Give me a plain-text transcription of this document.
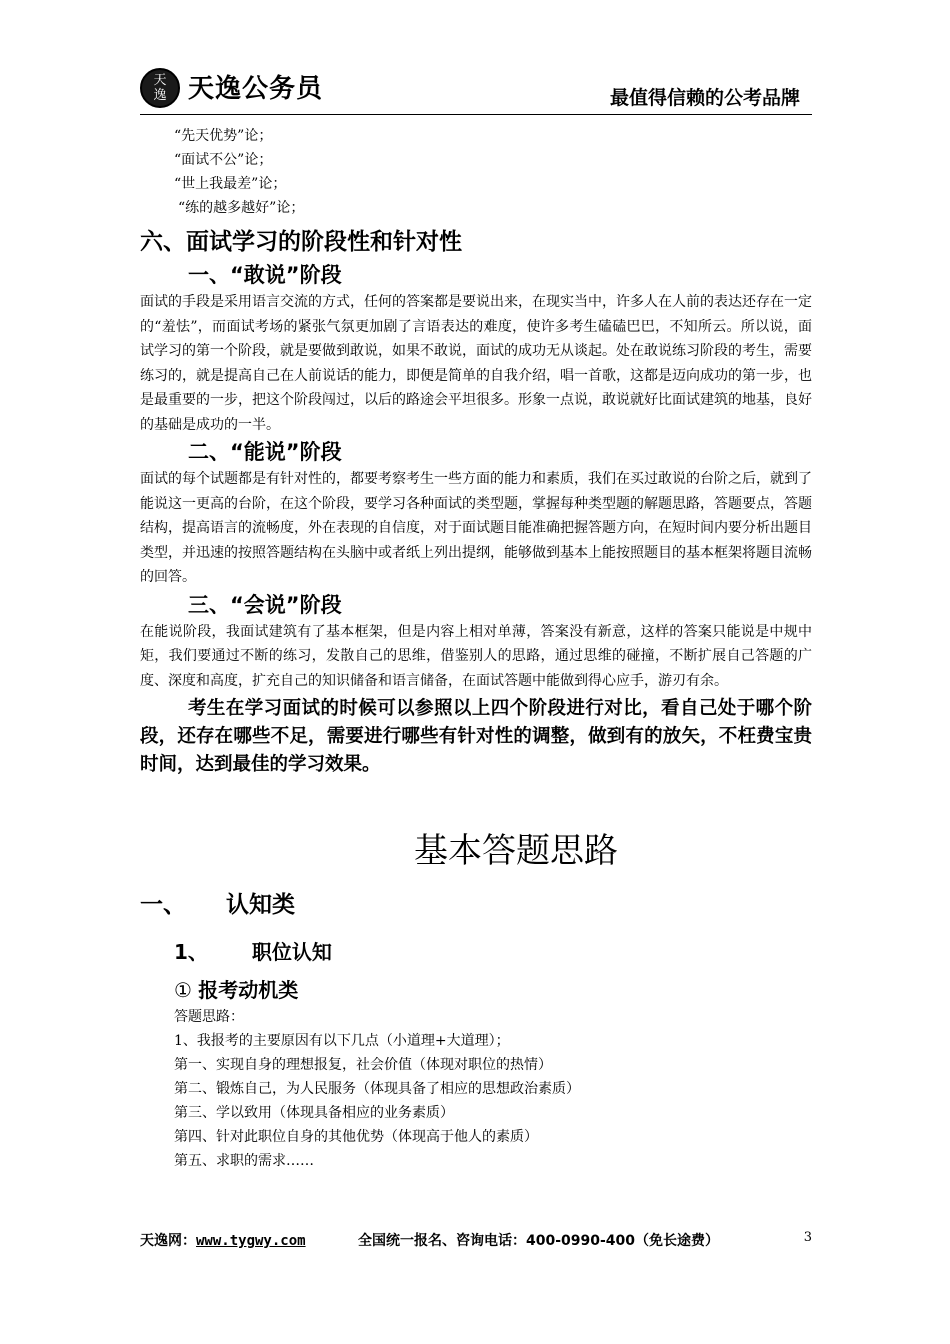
天逸 天逸公务员	最值得信赖的公考品牌
“先天优势”论；
“面试不公”论；
“世上我最差”论；
“练的越多越好”论；
六、面试学习的阶段性和针对性
一、“敢说”阶段
面试的手段是采用语言交流的方式，任何的答案都是要说出来，在现实当中，许多人在人前的表达还存在一定的“羞怯”，而面试考场的紧张气氛更加剧了言语表达的难度，使许多考生磕磕巴巴，不知所云。所以说，面试学习的第一个阶段，就是要做到敢说，如果不敢说，面试的成功无从谈起。处在敢说练习阶段的考生，需要练习的，就是提高自己在人前说话的能力，即便是简单的自我介绍，唱一首歌，这都是迈向成功的第一步，也是最重要的一步，把这个阶段闯过，以后的路途会平坦很多。形象一点说，敢说就好比面试建筑的地基，良好的基础是成功的一半。
二、“能说”阶段
面试的每个试题都是有针对性的，都要考察考生一些方面的能力和素质，我们在买过敢说的台阶之后，就到了能说这一更高的台阶，在这个阶段，要学习各种面试的类型题，掌握每种类型题的解题思路，答题要点，答题结构，提高语言的流畅度，外在表现的自信度，对于面试题目能准确把握答题方向，在短时间内要分析出题目类型，并迅速的按照答题结构在头脑中或者纸上列出提纲，能够做到基本上能按照题目的基本框架将题目流畅的回答。
三、“会说”阶段
在能说阶段，我面试建筑有了基本框架，但是内容上相对单薄，答案没有新意，这样的答案只能说是中规中矩，我们要通过不断的练习，发散自己的思维，借鉴别人的思路，通过思维的碰撞，不断扩展自己答题的广度、深度和高度，扩充自己的知识储备和语言储备，在面试答题中能做到得心应手，游刃有余。
考生在学习面试的时候可以参照以上四个阶段进行对比，看自己处于哪个阶段，还存在哪些不足，需要进行哪些有针对性的调整，做到有的放矢，不枉费宝贵时间，达到最佳的学习效果。
基本答题思路
一、 认知类
1、 职位认知
① 报考动机类
答题思路：
1、我报考的主要原因有以下几点（小道理+大道理）；
第一、实现自身的理想报复，社会价值（体现对职位的热情）
第二、锻炼自己，为人民服务（体现具备了相应的思想政治素质）
第三、学以致用（体现具备相应的业务素质）
第四、针对此职位自身的其他优势（体现高于他人的素质）
第五、求职的需求……
天逸网：www.tygwy.com	全国统一报名、咨询电话：400-0990-400（免长途费）	3
